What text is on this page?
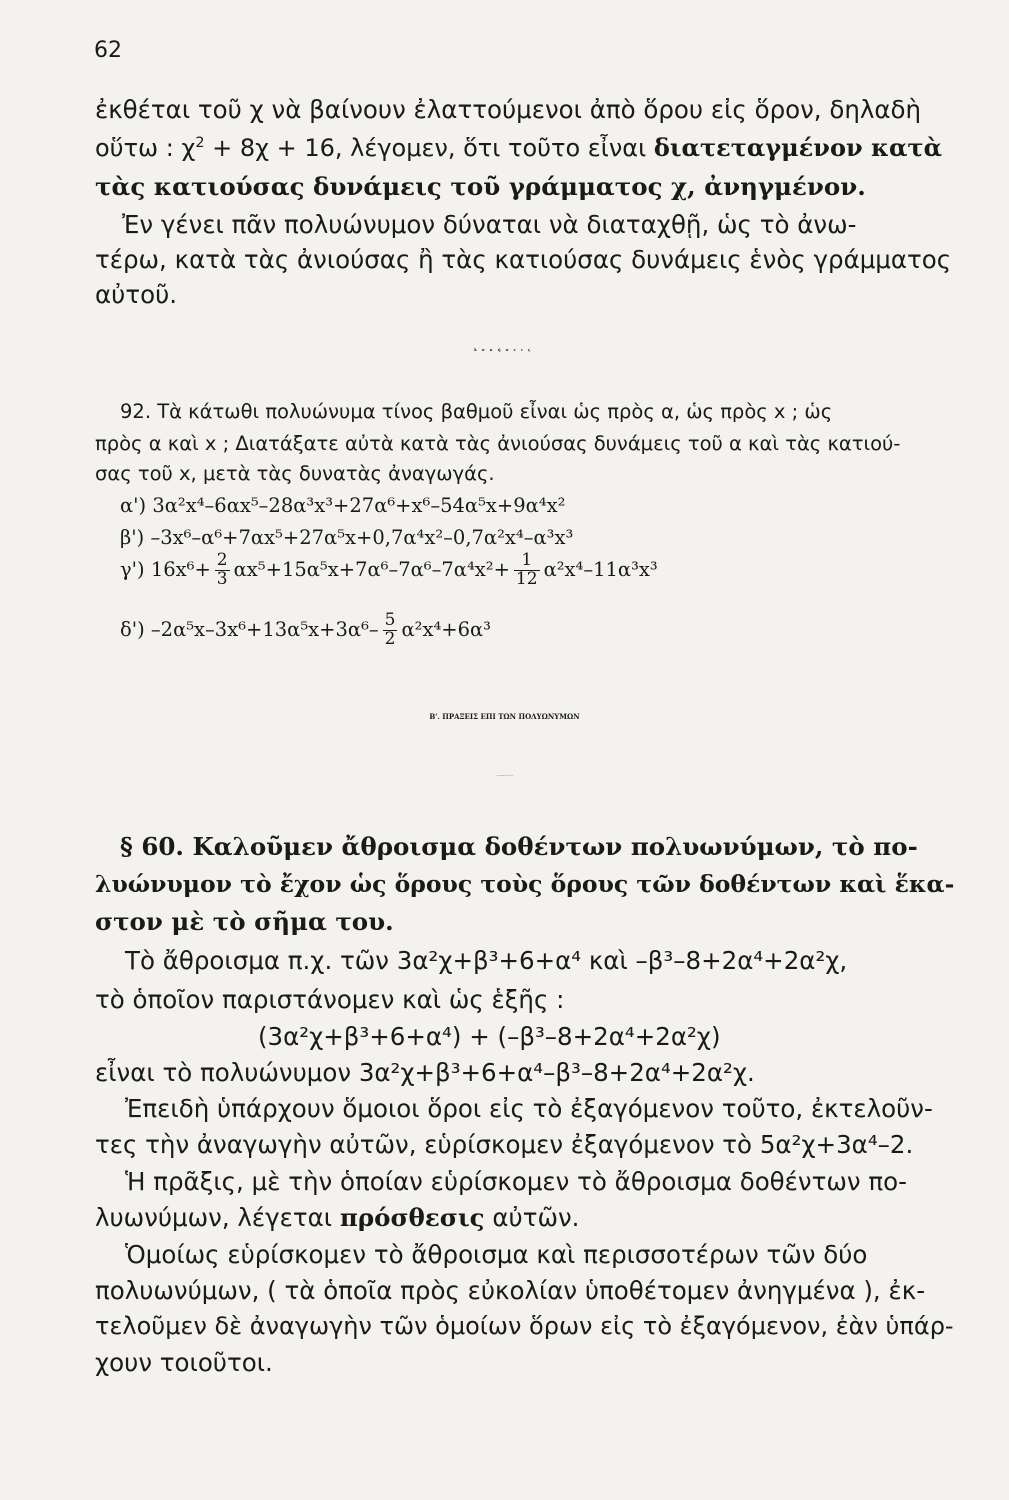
62
ἐκθέται τοῦ χ νὰ βαίνουν ἐλαττούμενοι ἀπὸ ὅρου εἰς ὅρον, δηλαδὴ
οὕτω : $\chi^2 + 8\chi + 16$, λέγομεν, ὅτι τοῦτο εἶναι διατεταγμένον κατὰ
τὰς κατιούσας δυνάμεις τοῦ γράμματος χ, ἀνηγμένον.
Ἐν γένει πᾶν πολυώνυμον δύναται νὰ διαταχθῇ, ὡς τὸ ἀνω-
τέρω, κατὰ τὰς ἀνιούσας ἢ τὰς κατιούσας δυνάμεις ἑνὸς γράμματος
αὐτοῦ.
Ἀσκήσεις
92. Τὰ κάτωθι πολυώνυμα τίνος βαθμοῦ εἶναι ὡς πρὸς α, ὡς πρὸς x ; ὡς
πρὸς α καὶ x ; Διατάξατε αὐτὰ κατὰ τὰς ἀνιούσας δυνάμεις τοῦ α καὶ τὰς κατιού-
σας τοῦ x, μετὰ τὰς δυνατὰς ἀναγωγάς.
α') 3α²x⁴–6αx⁵–28α³x³+27α⁶+x⁶–54α⁵x+9α⁴x²
β') –3x⁶–α⁶+7αx⁵+27α⁵x+0,7α⁴x²–0,7α²x⁴–α³x³
γ') $16x^6+ \frac{2}{3} \alpha x^5+15\alpha^5x+7\alpha^6-7\alpha^6-7\alpha^4x^2+ \frac{1}{12} \alpha^2x^4-11\alpha^3x^3$
δ') $-2\alpha^5x-3x^6+13\alpha^5x+3\alpha^6- \frac{5}{2} \alpha^2x^4+6\alpha^3$
Β'. ΠΡΑΞΕΙΣ ΕΠΙ ΤΩΝ ΠΟΛΥΩΝΥΜΩΝ
1. ΠΡΟΣΘΕΣΙΣ ΠΟΛΥΩΝΥΜΩΝ
§ 60. Καλοῦμεν ἄθροισμα δοθέντων πολυωνύμων, τὸ πο-
λυώνυμον τὸ ἔχον ὡς ὅρους τοὺς ὅρους τῶν δοθέντων καὶ ἕκα-
στον μὲ τὸ σῆμα του.
Τὸ ἄθροισμα π.χ. τῶν 3α²χ+β³+6+α⁴ καὶ –β³–8+2α⁴+2α²χ,
τὸ ὁποῖον παριστάνομεν καὶ ὡς ἑξῆς :
(3α²χ+β³+6+α⁴) + (–β³–8+2α⁴+2α²χ)
εἶναι τὸ πολυώνυμον 3α²χ+β³+6+α⁴–β³–8+2α⁴+2α²χ.
Ἐπειδὴ ὑπάρχουν ὅμοιοι ὅροι εἰς τὸ ἐξαγόμενον τοῦτο, ἐκτελοῦν-
τες τὴν ἀναγωγὴν αὐτῶν, εὑρίσκομεν ἐξαγόμενον τὸ 5α²χ+3α⁴–2.
Ἡ πρᾶξις, μὲ τὴν ὁποίαν εὑρίσκομεν τὸ ἄθροισμα δοθέντων πο-
λυωνύμων, λέγεται πρόσθεσις αὐτῶν.
Ὁμοίως εὑρίσκομεν τὸ ἄθροισμα καὶ περισσοτέρων τῶν δύο
πολυωνύμων, ( τὰ ὁποῖα πρὸς εὐκολίαν ὑποθέτομεν ἀνηγμένα ), ἐκ-
τελοῦμεν δὲ ἀναγωγὴν τῶν ὁμοίων ὅρων εἰς τὸ ἐξαγόμενον, ἐὰν ὑπάρ-
χουν τοιοῦτοι.
